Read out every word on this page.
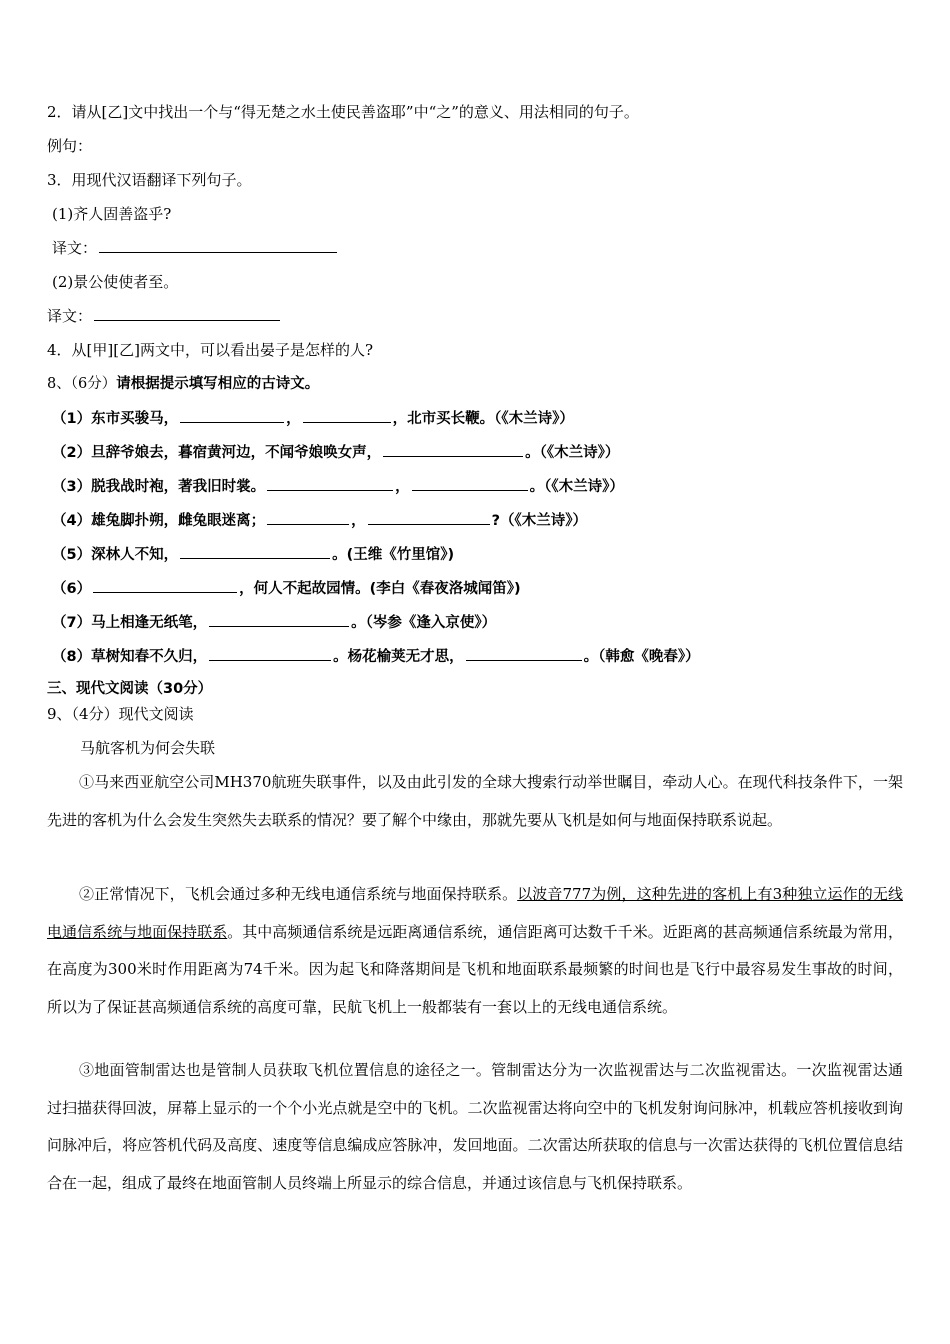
2．请从[乙]文中找出一个与“得无楚之水土使民善盗耶”中“之”的意义、用法相同的句子。
例句：
3．用现代汉语翻译下列句子。
(1)齐人固善盗乎?
译文：
(2)景公使使者至。
译文：
4．从[甲][乙]两文中，可以看出晏子是怎样的人?
8、（6分）请根据提示填写相应的古诗文。
（1）东市买骏马，	，	，北市买长鞭。（《木兰诗》）
（2）旦辞爷娘去，暮宿黄河边，不闻爷娘唤女声，	。（《木兰诗》）
（3）脱我战时袍，著我旧时裳。	，	。（《木兰诗》）
（4）雄兔脚扑朔，雌兔眼迷离；	，	?（《木兰诗》）
（5）深林人不知，	。(王维《竹里馆》)
（6）	，何人不起故园情。(李白《春夜洛城闻笛》)
（7）马上相逢无纸笔，	。（岑参《逢入京使》）
（8）草树知春不久归，	。杨花榆荚无才思，	。（韩愈《晚春》）
三、现代文阅读（30分）
9、（4分）现代文阅读
马航客机为何会失联
①马来西亚航空公司MH370航班失联事件，以及由此引发的全球大搜索行动举世瞩目，牵动人心。在现代科技条件下，一架先进的客机为什么会发生突然失去联系的情况？要了解个中缘由，那就先要从飞机是如何与地面保持联系说起。
②正常情况下，飞机会通过多种无线电通信系统与地面保持联系。以波音777为例，这种先进的客机上有3种独立运作的无线电通信系统与地面保持联系。其中高频通信系统是远距离通信系统，通信距离可达数千千米。近距离的甚高频通信系统最为常用，在高度为300米时作用距离为74千米。因为起飞和降落期间是飞机和地面联系最频繁的时间也是飞行中最容易发生事故的时间，所以为了保证甚高频通信系统的高度可靠，民航飞机上一般都装有一套以上的无线电通信系统。
③地面管制雷达也是管制人员获取飞机位置信息的途径之一。管制雷达分为一次监视雷达与二次监视雷达。一次监视雷达通过扫描获得回波，屏幕上显示的一个个小光点就是空中的飞机。二次监视雷达将向空中的飞机发射询问脉冲，机载应答机接收到询问脉冲后，将应答机代码及高度、速度等信息编成应答脉冲，发回地面。二次雷达所获取的信息与一次雷达获得的飞机位置信息结合在一起，组成了最终在地面管制人员终端上所显示的综合信息，并通过该信息与飞机保持联系。
